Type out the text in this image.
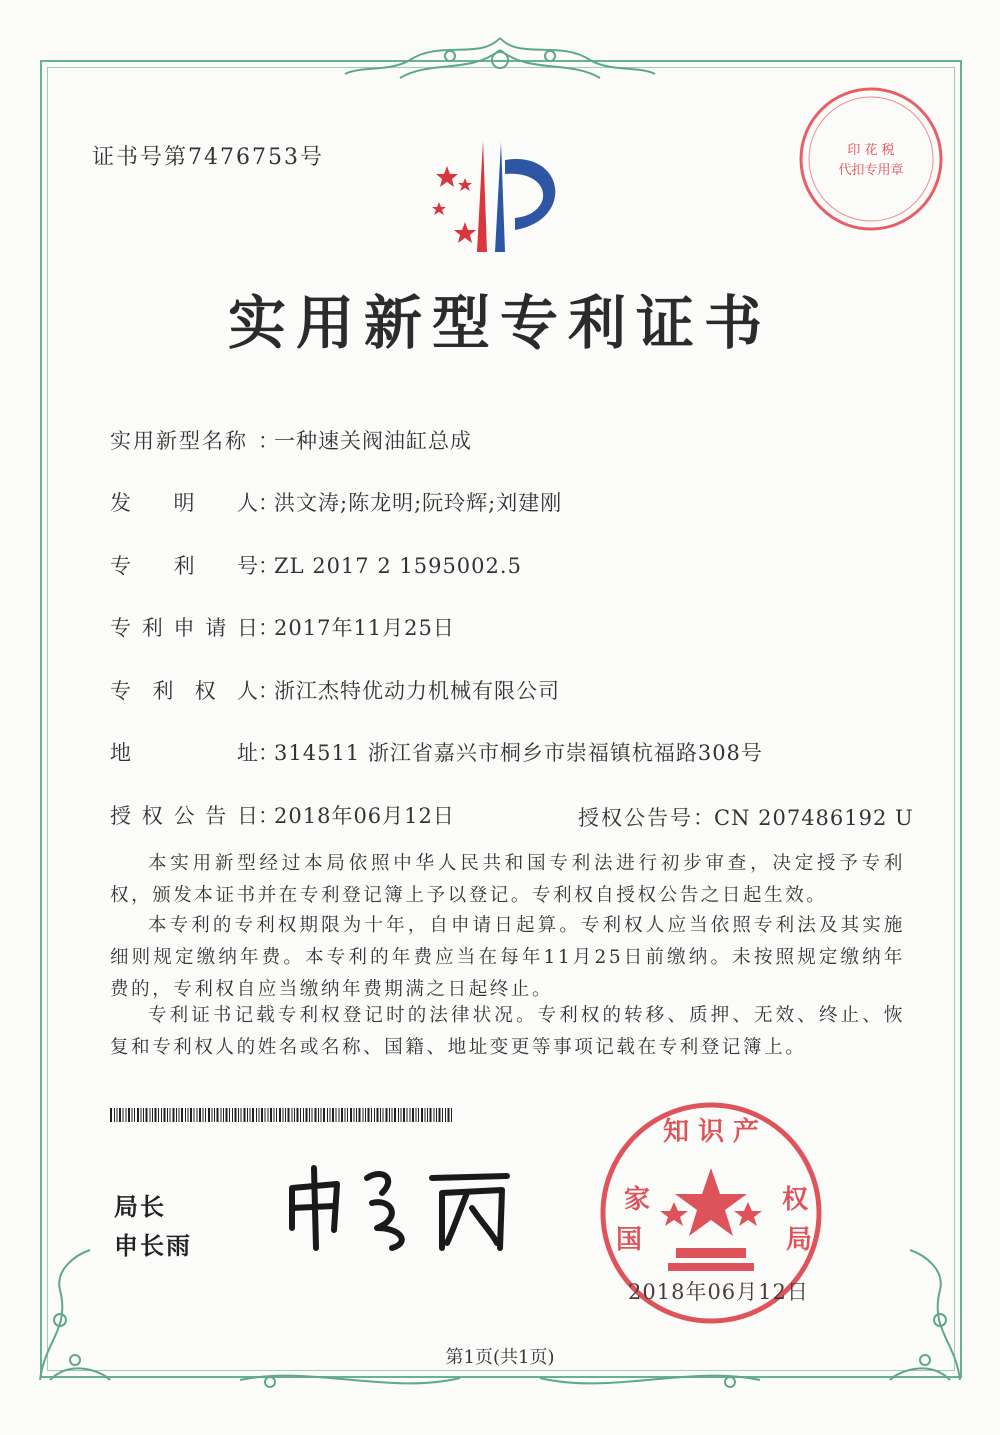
证书号第7476753号	印 花 税
代扣专用章
实用新型专利证书
实用新型名称 ：一种速关阀油缸总成
发明人：洪文涛;陈龙明;阮玲辉;刘建刚
专利号：ZL 2017 2 1595002.5
专利申请日：2017年11月25日
专利权人：浙江杰特优动力机械有限公司
地址：314511 浙江省嘉兴市桐乡市崇福镇杭福路308号
授权公告日：2018年06月12日	授权公告号：CN 207486192 U
本实用新型经过本局依照中华人民共和国专利法进行初步审查，决定授予专利权，颁发本证书并在专利登记簿上予以登记。专利权自授权公告之日起生效。
本专利的专利权期限为十年，自申请日起算。专利权人应当依照专利法及其实施细则规定缴纳年费。本专利的年费应当在每年11月25日前缴纳。未按照规定缴纳年费的，专利权自应当缴纳年费期满之日起终止。
专利证书记载专利权登记时的法律状况。专利权的转移、质押、无效、终止、恢复和专利权人的姓名或名称、国籍、地址变更等事项记载在专利登记簿上。
局长
申长雨
知 识 产
家
国
权
局
2018年06月12日
第1页(共1页)
